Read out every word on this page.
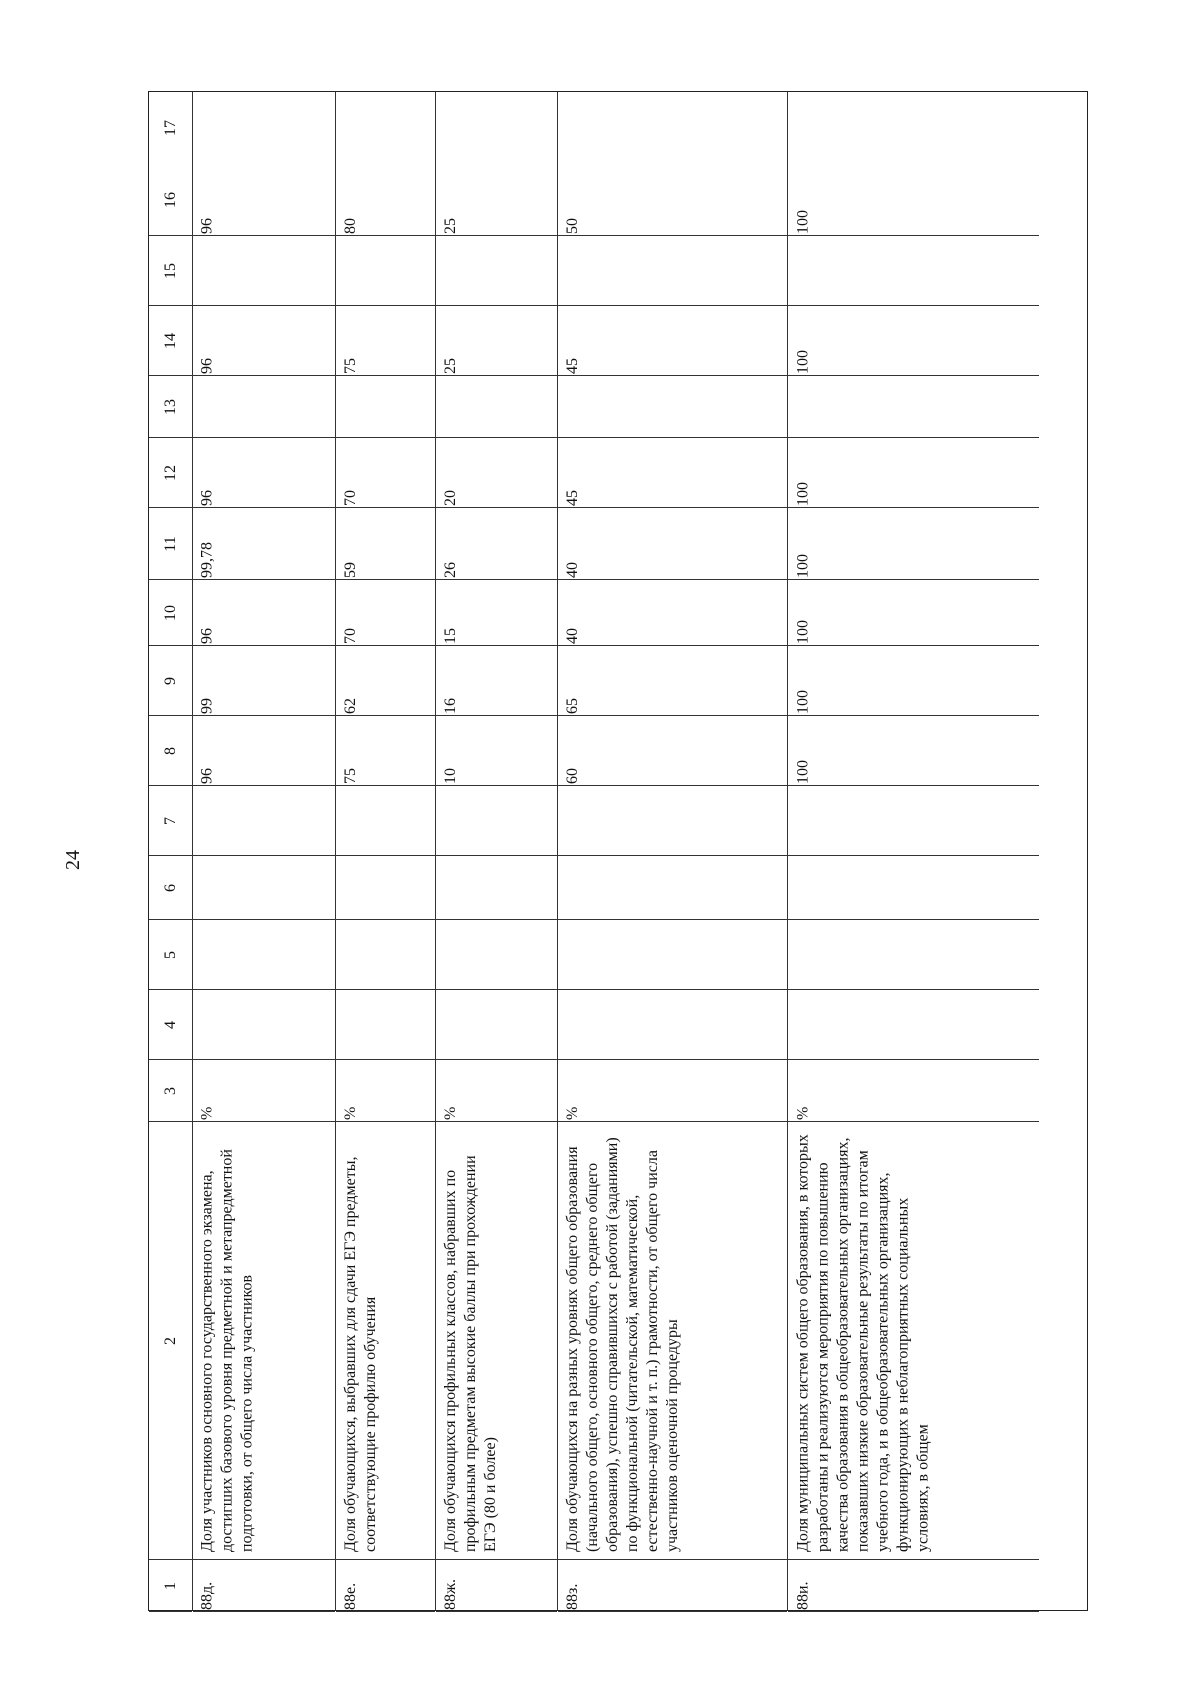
24
1
2
3
4
5
6
7
8
9
10
11
12
13
14
15
16
17
88д.
Доля участников основного государственного экзамена, достигших базового уровня предметной и метапредметной подготовки, от общего числа участников
%
96
99
96
99,78
96
96
96
88е.
Доля обучающихся, выбравших для сдачи ЕГЭ предметы, соответствующие профилю обучения
%
75
62
70
59
70
75
80
88ж.
Доля обучающихся профильных классов, набравших по профильным предметам высокие баллы при прохождении ЕГЭ (80 и более)
%
10
16
15
26
20
25
25
88з.
Доля обучающихся на разных уровнях общего образования (начального общего, основного общего, среднего общего образования), успешно справившихся с работой (заданиями) по функциональной (читательской, математической, естественно-научной и т. п.) грамотности, от общего числа участников оценочной процедуры
%
60
65
40
40
45
45
50
88и.
Доля муниципальных систем общего образования, в которых разработаны и реализуются мероприятия по повышению качества образования в общеобразовательных организациях, показавших низкие образовательные результаты по итогам учебного года, и в общеобразовательных организациях, функционирующих в неблагоприятных социальных условиях, в общем
%
100
100
100
100
100
100
100
